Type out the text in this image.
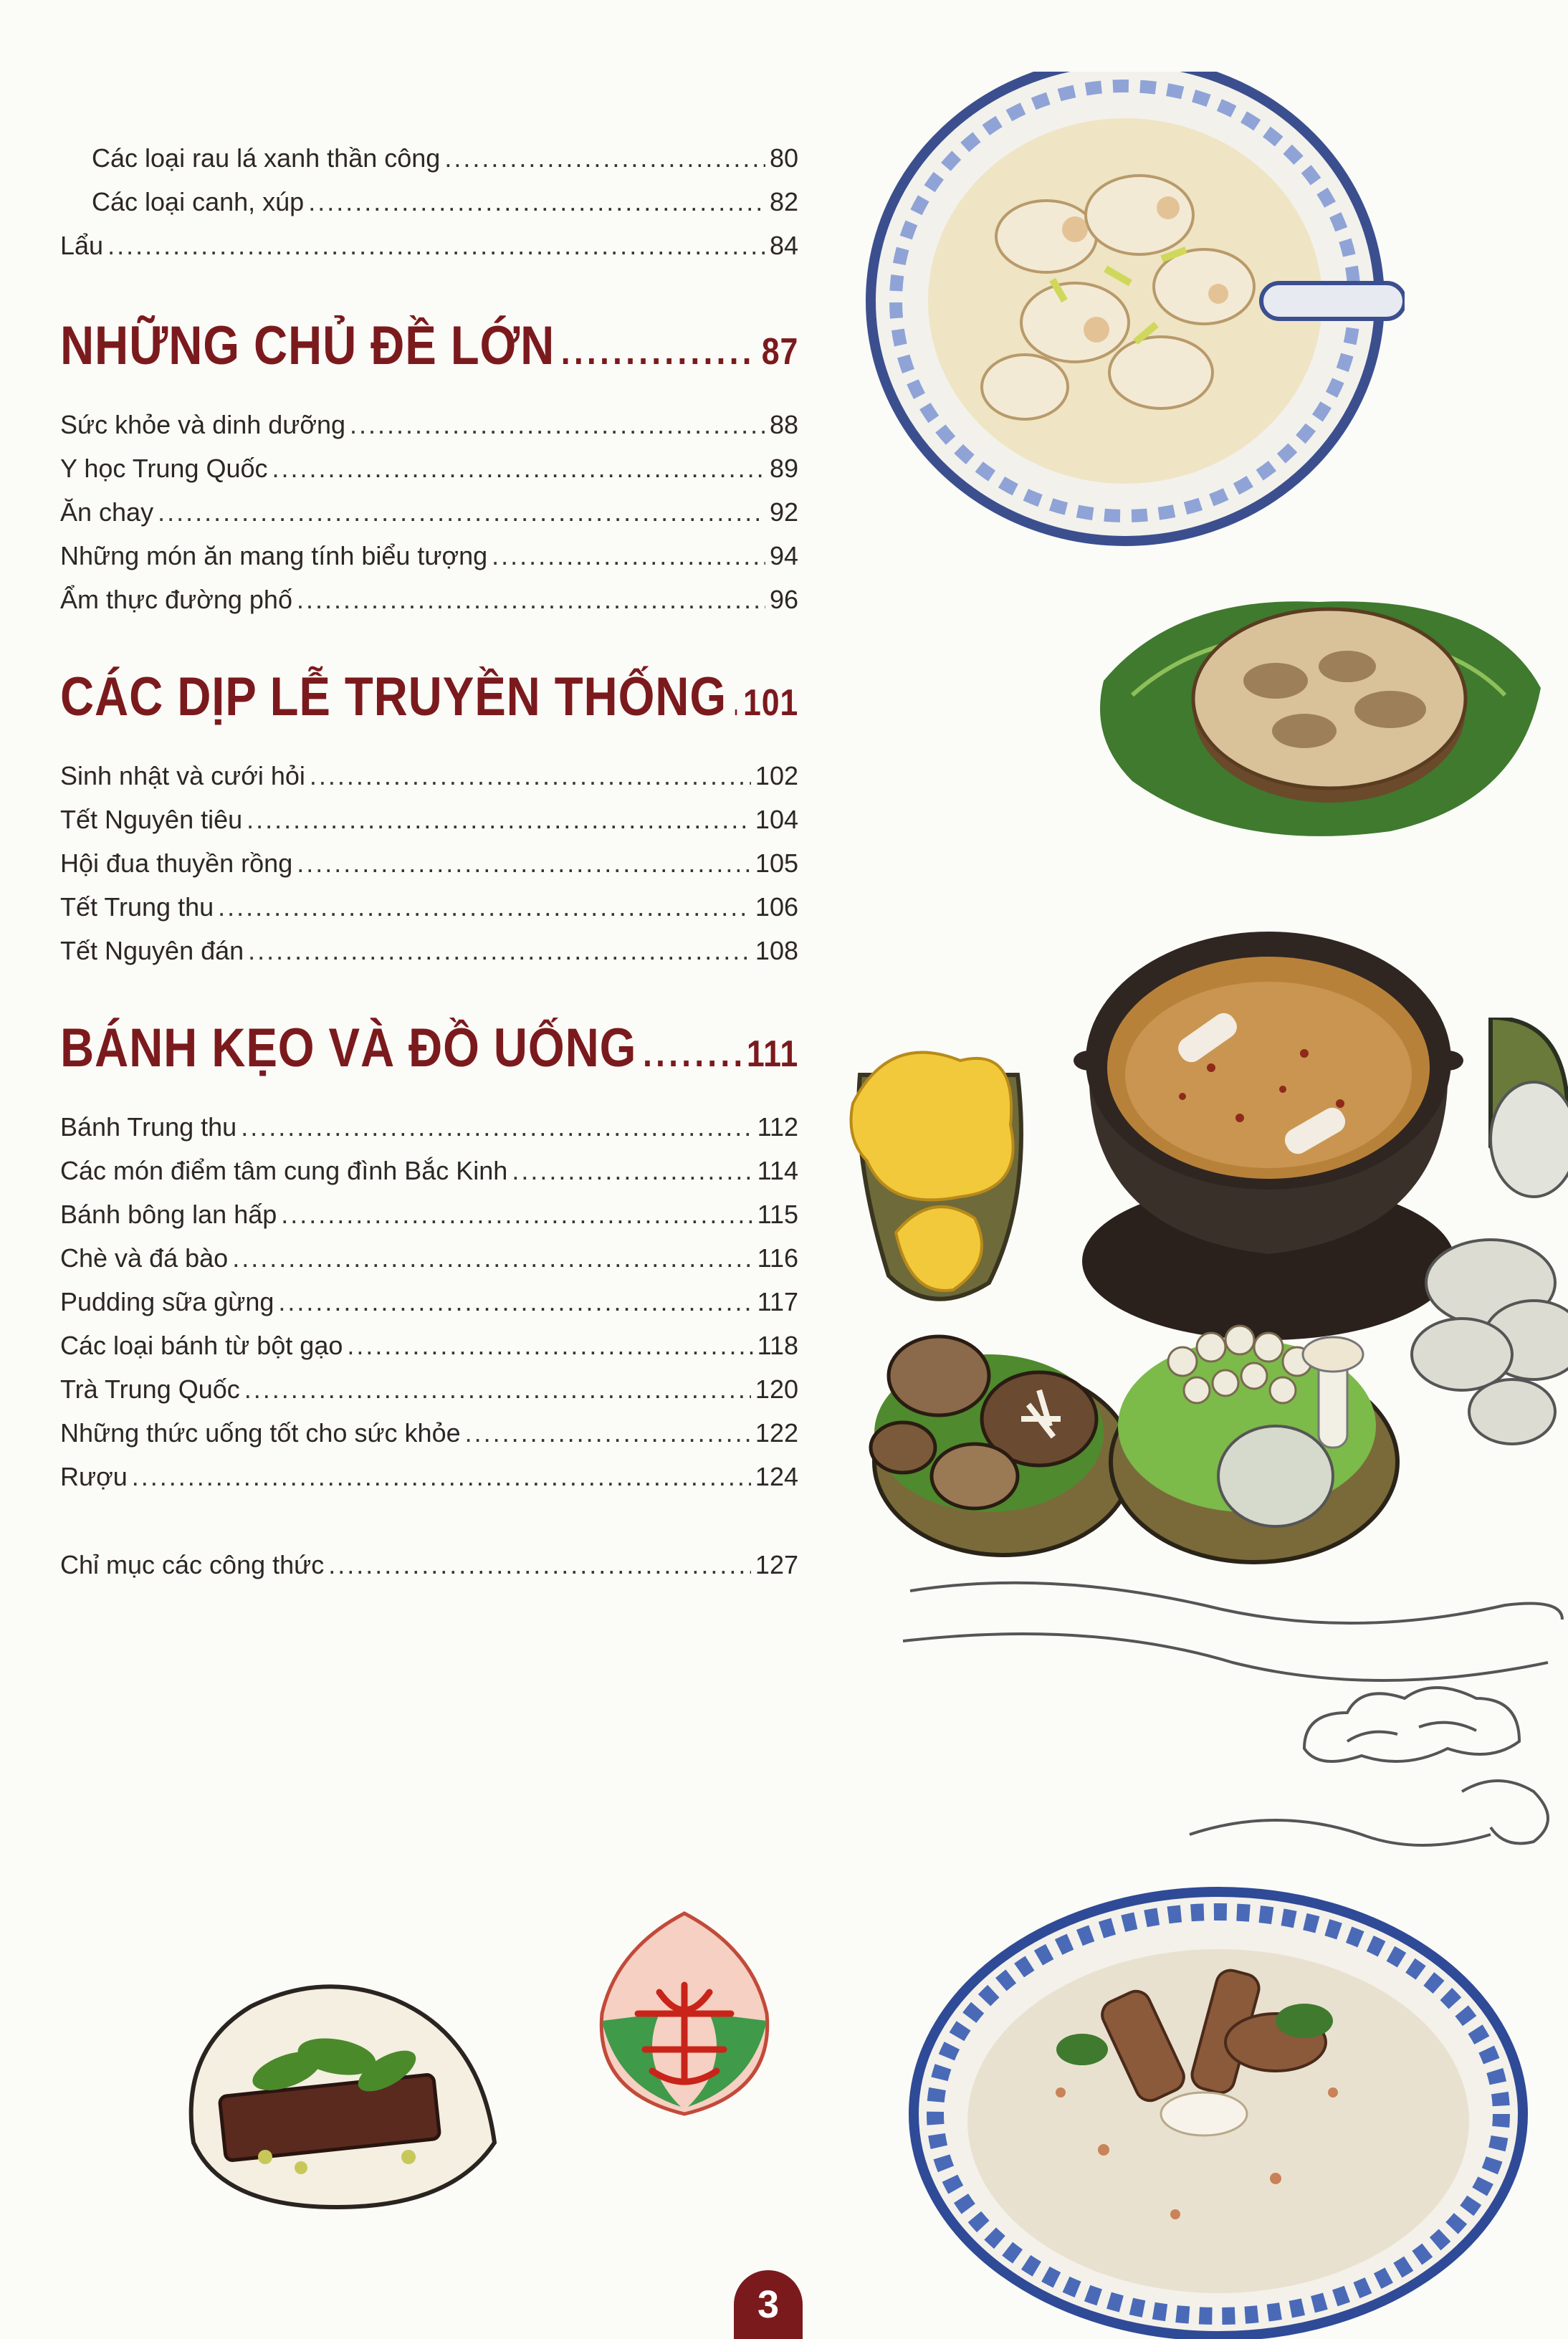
Các loại rau lá xanh thần công .....	80
Các loại canh, xúp .....	82
Lẩu .....	84
NHỮNG CHỦ ĐỀ LỚN .....	87
Sức khỏe và dinh dưỡng .....	88
Y học Trung Quốc .....	89
Ăn chay .....	92
Những món ăn mang tính biểu tượng .....	94
Ẩm thực đường phố .....	96
CÁC DỊP LỄ TRUYỀN THỐNG ..... 101
Sinh nhật và cưới hỏi .....	102
Tết Nguyên tiêu .....	104
Hội đua thuyền rồng .....	105
Tết Trung thu .....	106
Tết Nguyên đán .....	108
BÁNH KẸO VÀ ĐỒ UỐNG .....	111
Bánh Trung thu .....	112
Các món điểm tâm cung đình Bắc Kinh .....	114
Bánh bông lan hấp .....	115
Chè và đá bào .....	116
Pudding sữa gừng .....	117
Các loại bánh từ bột gạo .....	118
Trà Trung Quốc .....	120
Những thức uống tốt cho sức khỏe .....	122
Rượu .....	124
Chỉ mục các công thức .....	127
3
